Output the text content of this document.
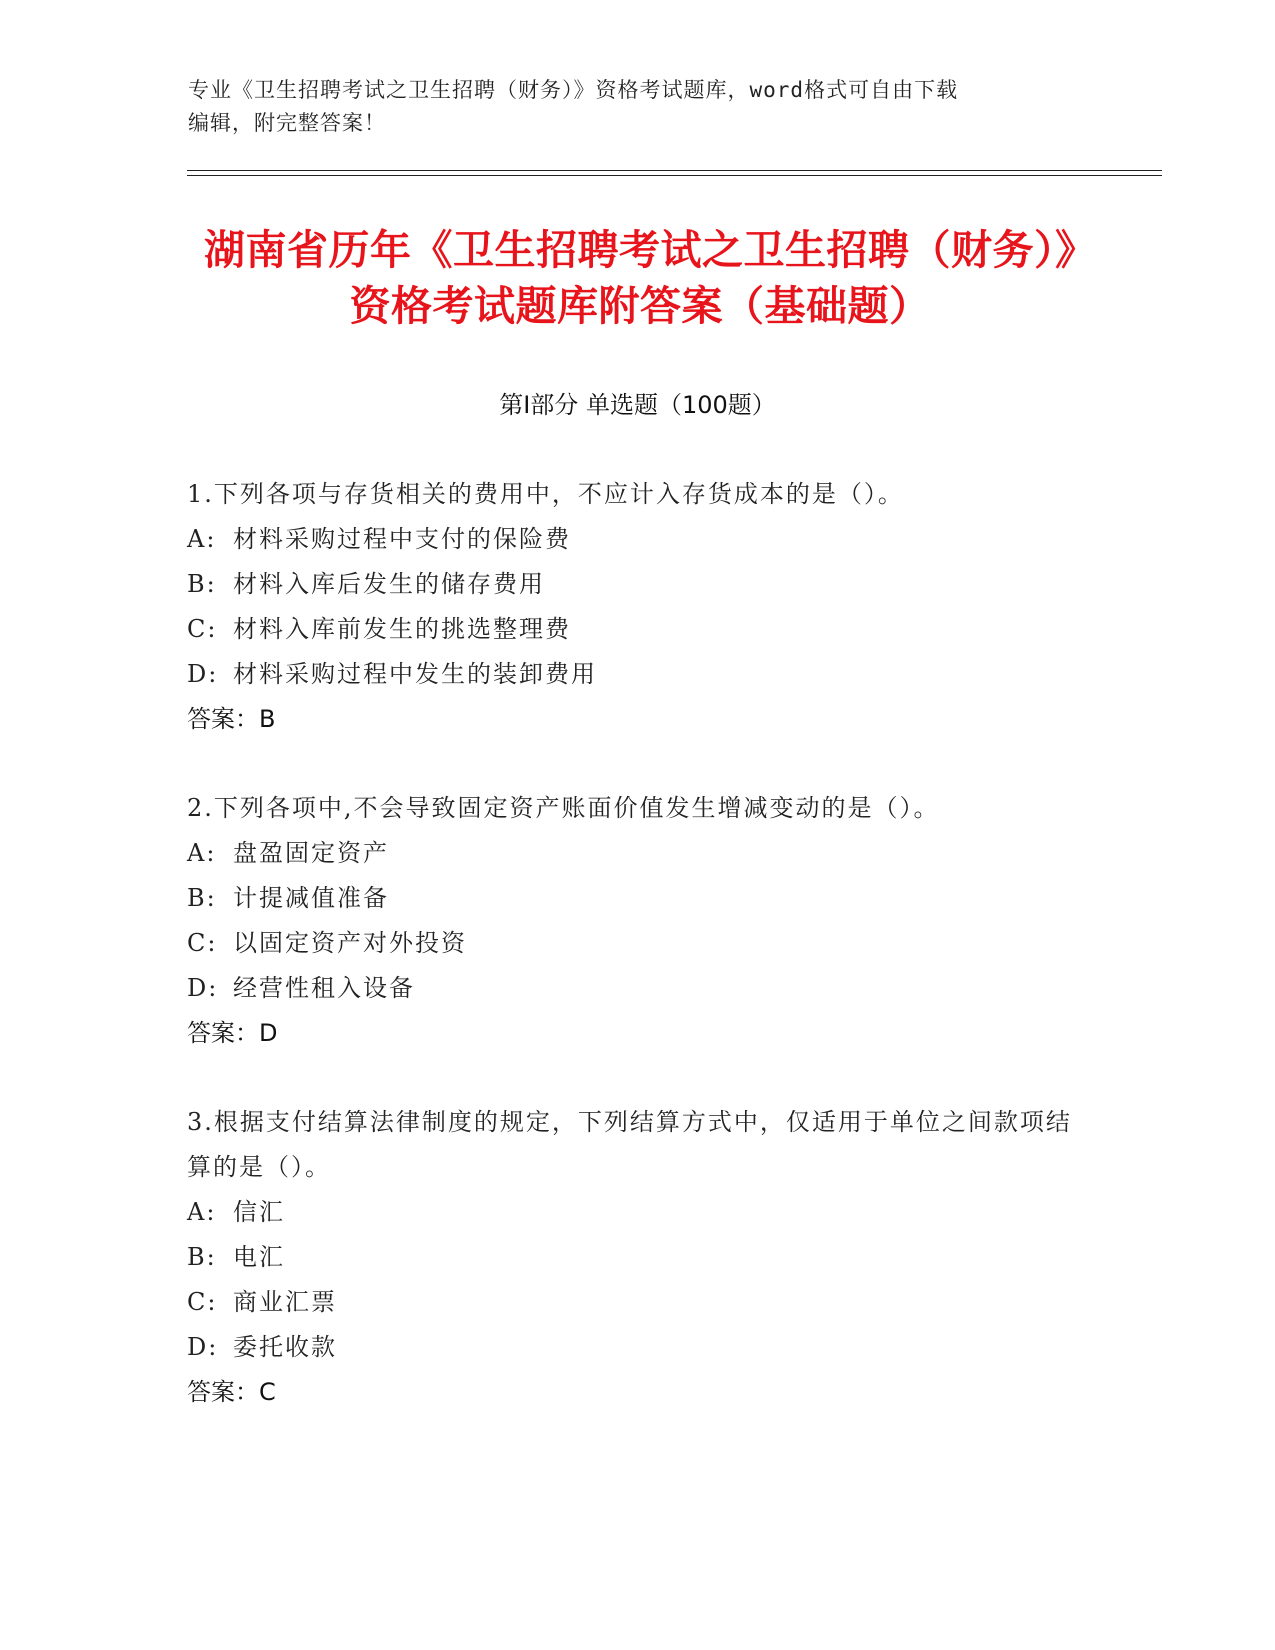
专业《卫生招聘考试之卫生招聘（财务）》资格考试题库，word格式可自由下载
编辑，附完整答案！
湖南省历年《卫生招聘考试之卫生招聘（财务）》资格考试题库附答案（基础题）
第Ⅰ部分 单选题（100题）
1.下列各项与存货相关的费用中，不应计入存货成本的是（）。
A: 材料采购过程中支付的保险费
B: 材料入库后发生的储存费用
C: 材料入库前发生的挑选整理费
D: 材料采购过程中发生的装卸费用
答案：B
2.下列各项中,不会导致固定资产账面价值发生增减变动的是（）。
A: 盘盈固定资产
B: 计提减值准备
C: 以固定资产对外投资
D: 经营性租入设备
答案：D
3.根据支付结算法律制度的规定，下列结算方式中，仅适用于单位之间款项结算的是（）。
A: 信汇
B: 电汇
C: 商业汇票
D: 委托收款
答案：C
